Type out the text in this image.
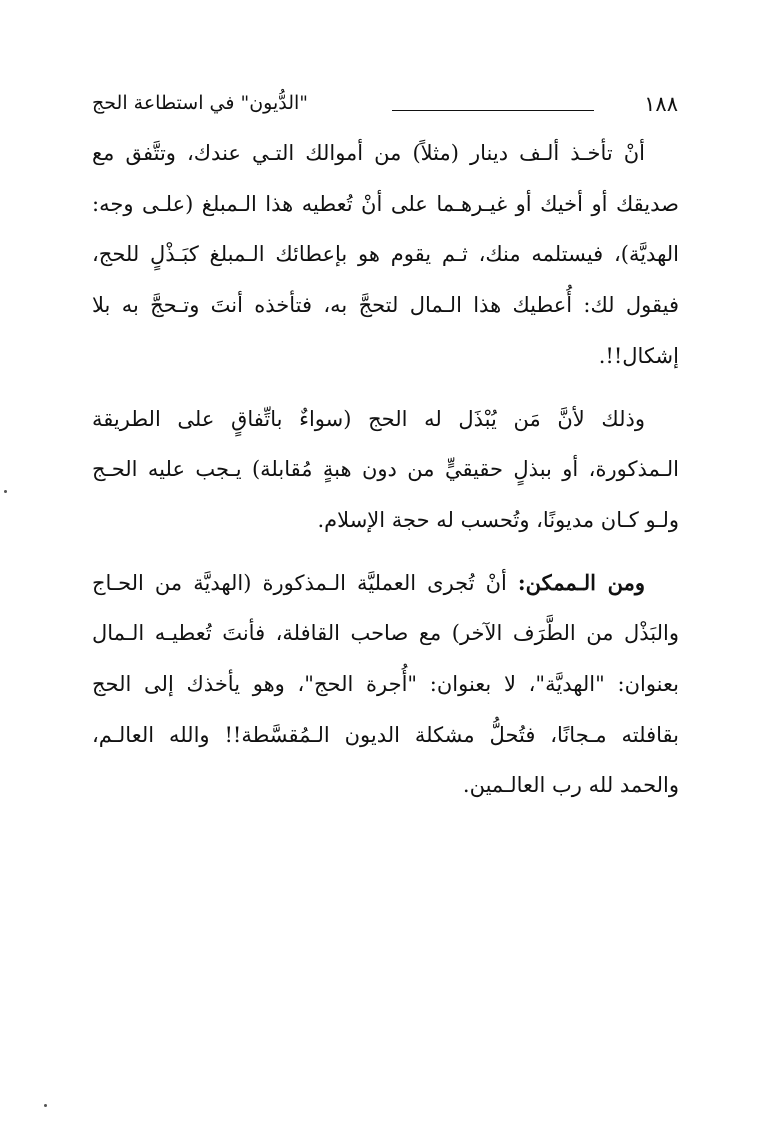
١٨٨
"الدُّيون" في استطاعة الحج

أنْ تأخـذ ألـف دينار (مثلاً) من أموالك التـي عندك، وتتَّفق مع صديقك أو أخيك أو غيـرهـما على أنْ تُعطيه هذا الـمبلغ (علـى وجه: الهديَّة)، فيستلمه منك، ثـم يقوم هو بإعطائك الـمبلغ كبَـذْلٍ للحج، فيقول لك: أُعطيك هذا الـمال لتحجَّ به، فتأخذه أنتَ وتـحجَّ به بلا إشكال!!.

وذلك لأنَّ مَن يُبْذَل له الحج (سواءٌ باتِّفاقٍ على الطريقة الـمذكورة، أو ببذلٍ حقيقيٍّ من دون هبةٍ مُقابلة) يـجب عليه الحـج ولـو كـان مديونًا، وتُحسب له حجة الإسلام.

ومن الـممكن: أنْ تُجرى العمليَّة الـمذكورة (الهديَّة من الحـاج والبَذْل من الطَّرَف الآخر) مع صاحب القافلة، فأنتَ تُعطيـه الـمال بعنوان: "الهديَّة"، لا بعنوان: "أُجرة الحج"، وهو يأخذك إلى الحج بقافلته مـجانًا، فتُحلُّ مشكلة الديون الـمُقسَّطة!! والله العالـم، والحمد لله رب العالـمين.
